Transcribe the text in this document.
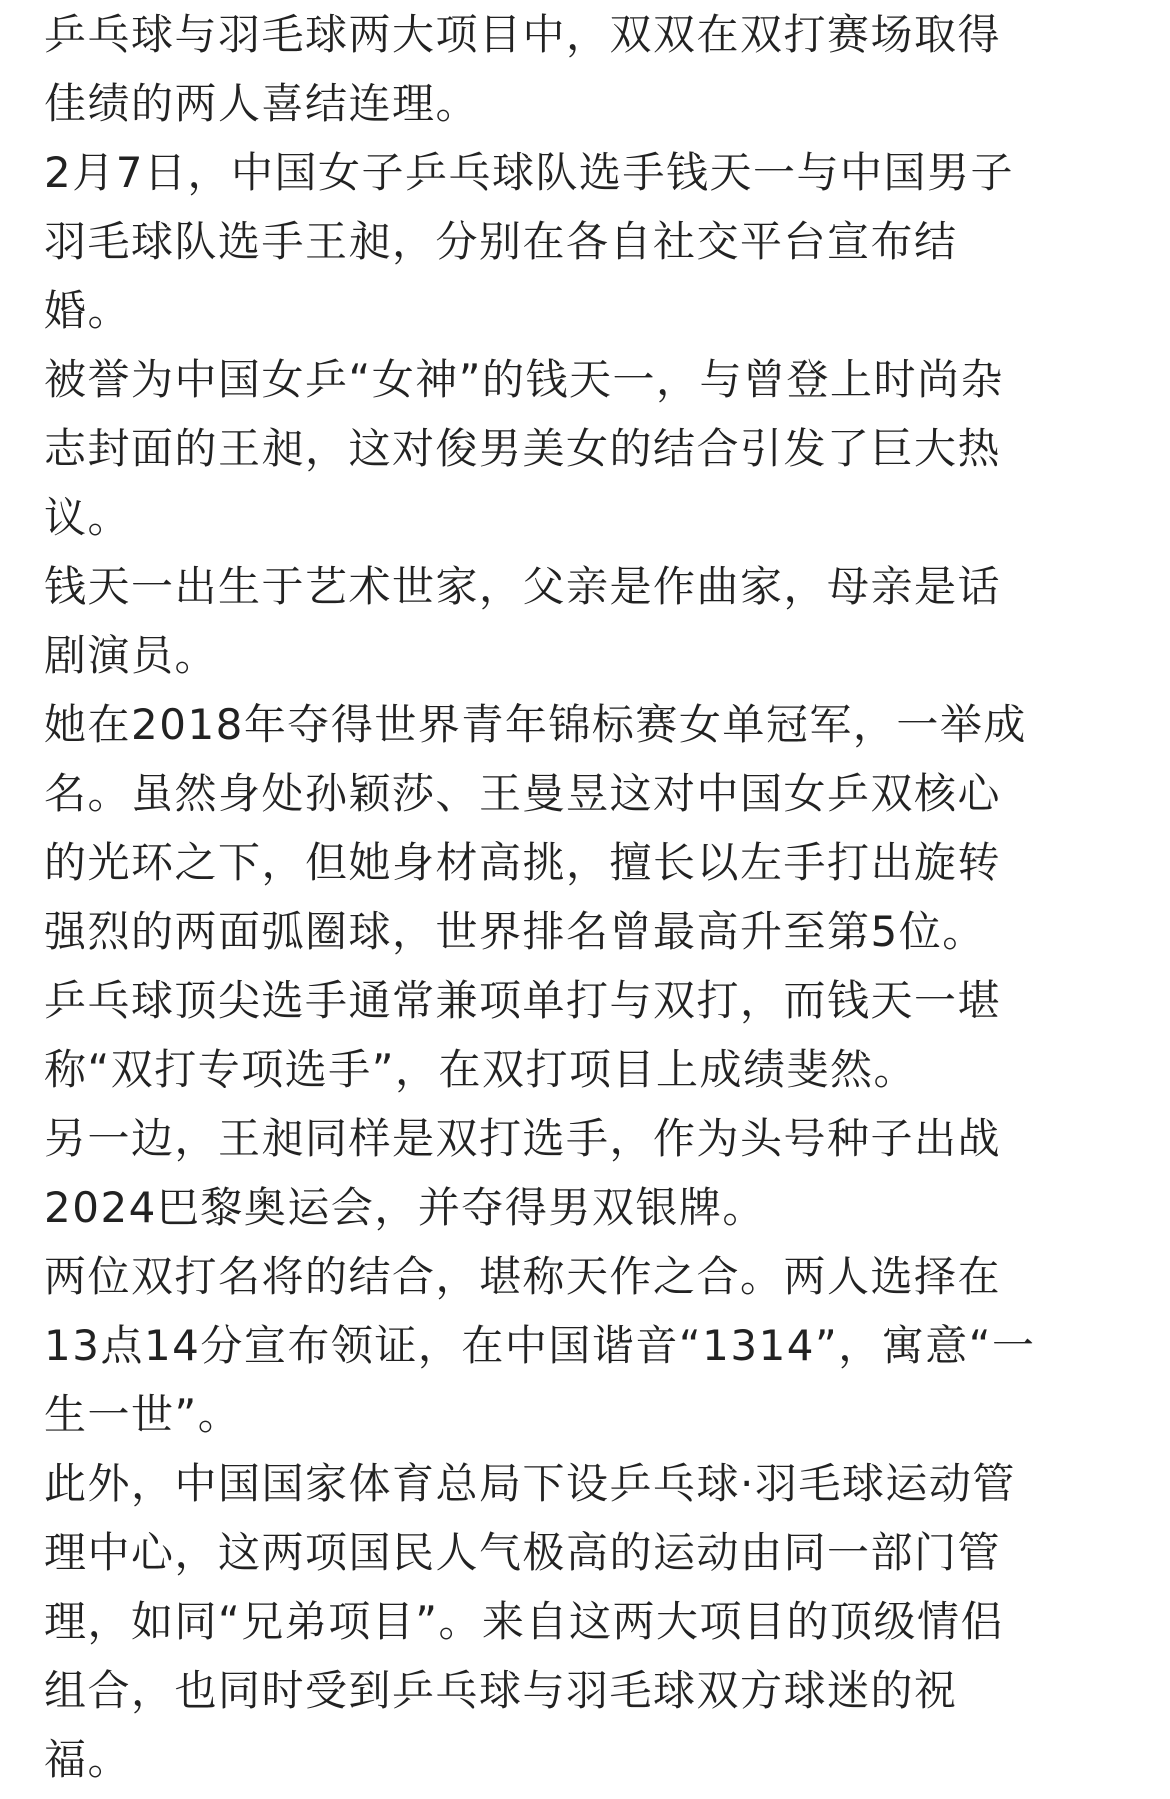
乒乓球与羽毛球两大项目中，双双在双打赛场取得
佳绩的两人喜结连理。
2月7日，中国女子乒乓球队选手钱天一与中国男子
羽毛球队选手王昶，分别在各自社交平台宣布结
婚。
被誉为中国女乒“女神”的钱天一，与曾登上时尚杂
志封面的王昶，这对俊男美女的结合引发了巨大热
议。
钱天一出生于艺术世家，父亲是作曲家，母亲是话
剧演员。
她在2018年夺得世界青年锦标赛女单冠军，一举成
名。虽然身处孙颖莎、王曼昱这对中国女乒双核心
的光环之下，但她身材高挑，擅长以左手打出旋转
强烈的两面弧圈球，世界排名曾最高升至第5位。
乒乓球顶尖选手通常兼项单打与双打，而钱天一堪
称“双打专项选手”，在双打项目上成绩斐然。
另一边，王昶同样是双打选手，作为头号种子出战
2024巴黎奥运会，并夺得男双银牌。
两位双打名将的结合，堪称天作之合。两人选择在
13点14分宣布领证，在中国谐音“1314”，寓意“一
生一世”。
此外，中国国家体育总局下设乒乓球·羽毛球运动管
理中心，这两项国民人气极高的运动由同一部门管
理，如同“兄弟项目”。来自这两大项目的顶级情侣
组合，也同时受到乒乓球与羽毛球双方球迷的祝
福。
